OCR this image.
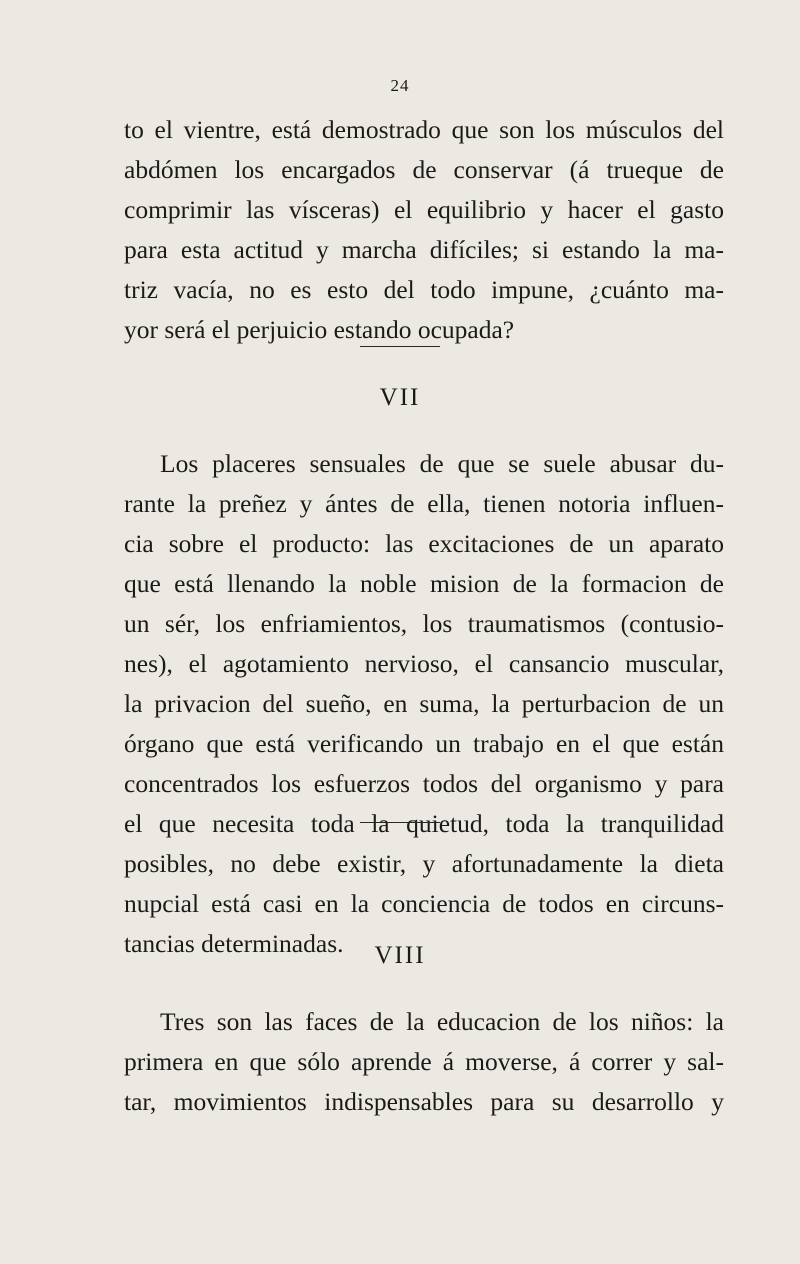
24
to el vientre, está demostrado que son los músculos del
abdómen los encargados de conservar (á trueque de
comprimir las vísceras) el equilibrio y hacer el gasto
para esta actitud y marcha difíciles; si estando la ma-
triz vacía, no es esto del todo impune, ¿cuánto ma-
yor será el perjuicio estando ocupada?
VII
Los placeres sensuales de que se suele abusar du-
rante la preñez y ántes de ella, tienen notoria influen-
cia sobre el producto: las excitaciones de un aparato
que está llenando la noble mision de la formacion de
un sér, los enfriamientos, los traumatismos (contusio-
nes), el agotamiento nervioso, el cansancio muscular,
la privacion del sueño, en suma, la perturbacion de un
órgano que está verificando un trabajo en el que están
concentrados los esfuerzos todos del organismo y para
el que necesita toda la quietud, toda la tranquilidad
posibles, no debe existir, y afortunadamente la dieta
nupcial está casi en la conciencia de todos en circuns-
tancias determinadas.	VIII
Tres son las faces de la educacion de los niños: la
primera en que sólo aprende á moverse, á correr y sal-
tar, movimientos indispensables para su desarrollo y
